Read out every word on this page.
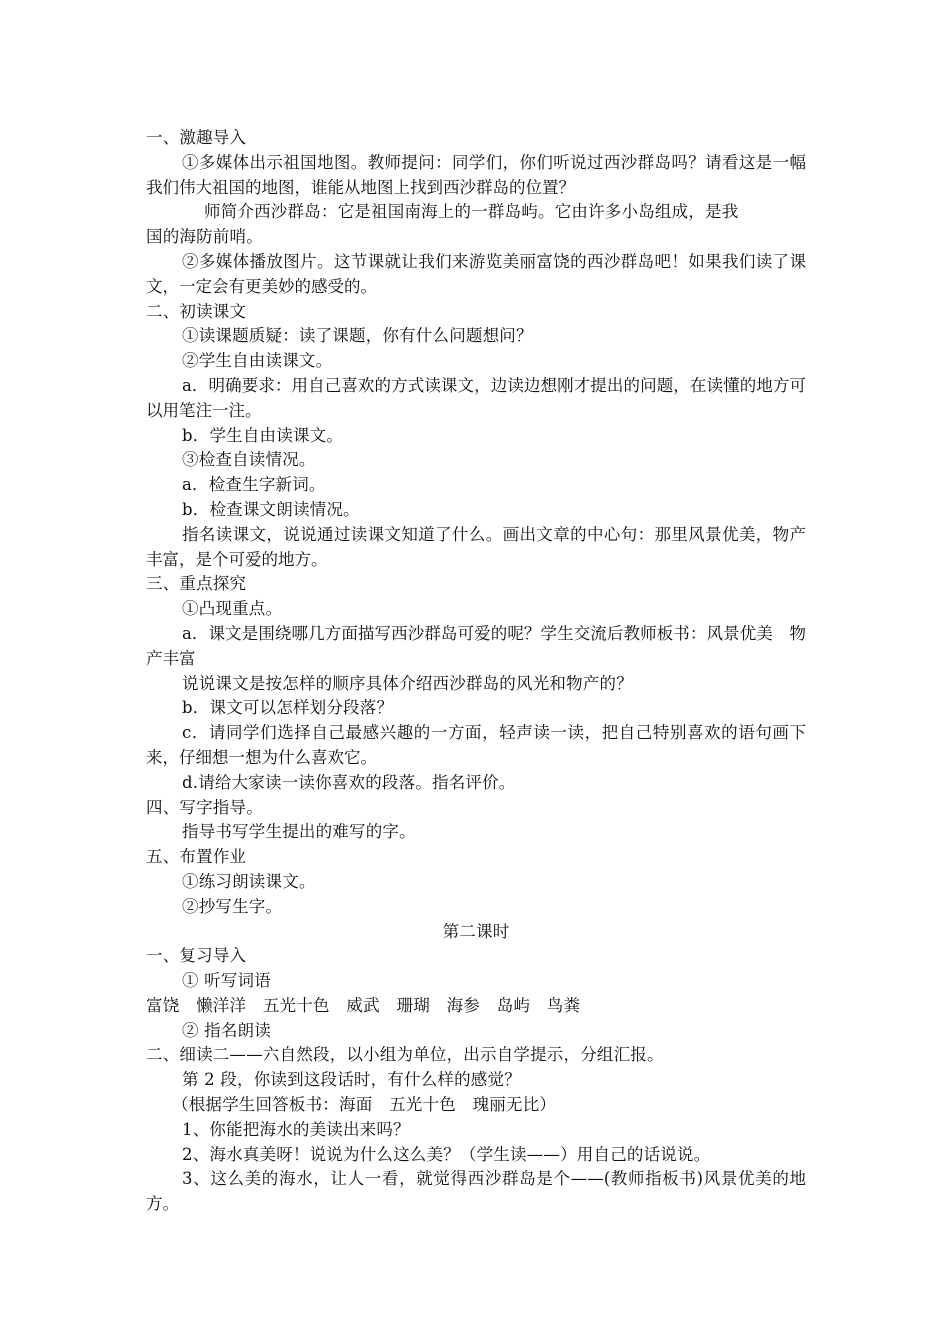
一、激趣导入
①多媒体出示祖国地图。教师提问：同学们，你们听说过西沙群岛吗？请看这是一幅我们伟大祖国的地图，谁能从地图上找到西沙群岛的位置？
师简介西沙群岛：它是祖国南海上的一群岛屿。它由许多小岛组成，是我
国的海防前哨。
②多媒体播放图片。这节课就让我们来游览美丽富饶的西沙群岛吧！如果我们读了课文，一定会有更美妙的感受的。
二、初读课文
①读课题质疑：读了课题，你有什么问题想问？
②学生自由读课文。
a．明确要求：用自己喜欢的方式读课文，边读边想刚才提出的问题，在读懂的地方可以用笔注一注。
b．学生自由读课文。
③检查自读情况。
a．检查生字新词。
b．检查课文朗读情况。
指名读课文，说说通过读课文知道了什么。画出文章的中心句：那里风景优美，物产丰富，是个可爱的地方。
三、重点探究
①凸现重点。
a．课文是围绕哪几方面描写西沙群岛可爱的呢？学生交流后教师板书：风景优美　物产丰富
说说课文是按怎样的顺序具体介绍西沙群岛的风光和物产的？
b．课文可以怎样划分段落？
c．请同学们选择自己最感兴趣的一方面，轻声读一读，把自己特别喜欢的语句画下来，仔细想一想为什么喜欢它。
d.请给大家读一读你喜欢的段落。指名评价。
四、写字指导。
指导书写学生提出的难写的字。
五、布置作业
①练习朗读课文。
②抄写生字。
第二课时
一、复习导入
① 听写词语
富饶　懒洋洋　五光十色　威武　珊瑚　海参　岛屿　鸟粪
② 指名朗读
二、细读二——六自然段，以小组为单位，出示自学提示，分组汇报。
第 2 段，你读到这段话时，有什么样的感觉？
（根据学生回答板书：海面　五光十色　瑰丽无比）
1、你能把海水的美读出来吗？
2、海水真美呀！说说为什么这么美？（学生读——）用自己的话说说。
3、这么美的海水，让人一看，就觉得西沙群岛是个——(教师指板书)风景优美的地方。
